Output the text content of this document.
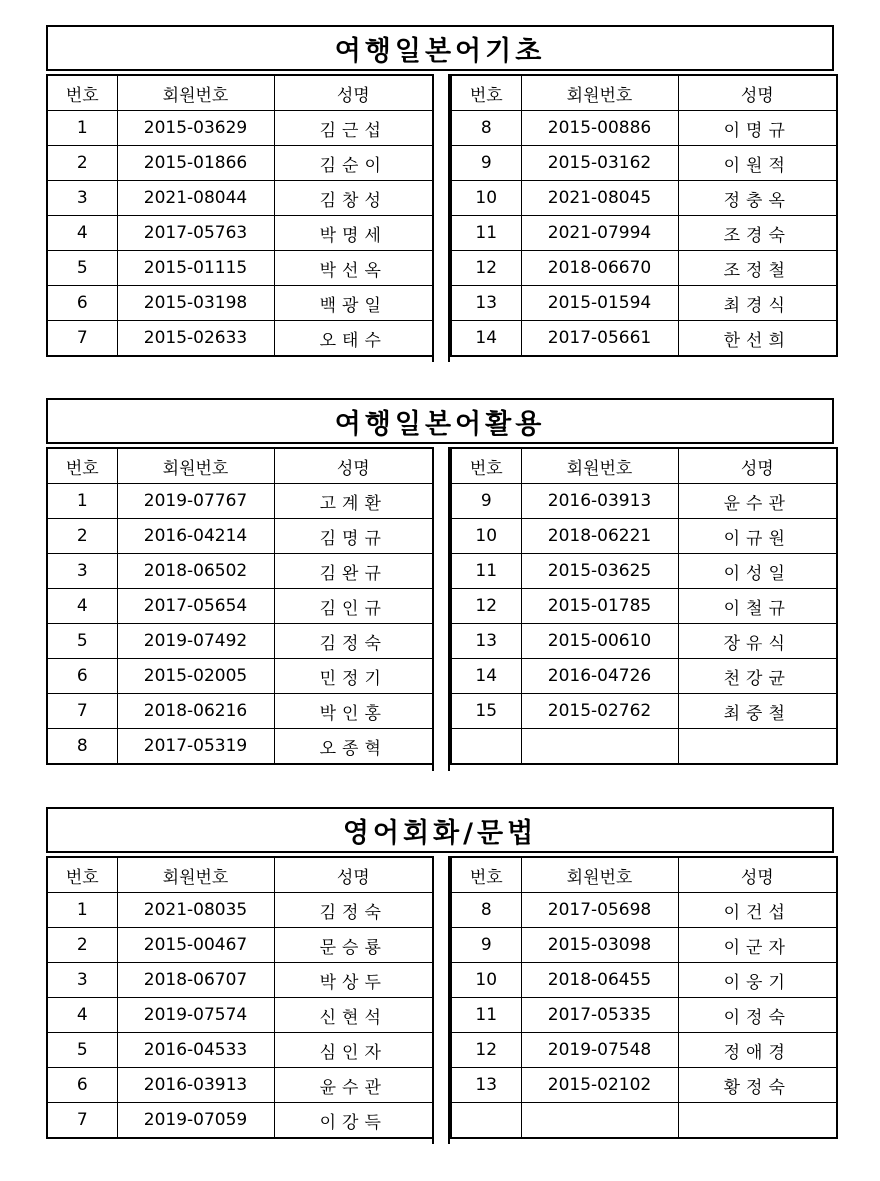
여행일본어기초
번호	회원번호	성명
1	2015-03629	김근섭
2	2015-01866	김순이
3	2021-08044	김창성
4	2017-05763	박명세
5	2015-01115	박선옥
6	2015-03198	백광일
7	2015-02633	오태수
번호	회원번호	성명
8	2015-00886	이명규
9	2015-03162	이원적
10	2021-08045	정충옥
11	2021-07994	조경숙
12	2018-06670	조정철
13	2015-01594	최경식
14	2017-05661	한선희
여행일본어활용
번호	회원번호	성명
1	2019-07767	고계환
2	2016-04214	김명규
3	2018-06502	김완규
4	2017-05654	김인규
5	2019-07492	김정숙
6	2015-02005	민정기
7	2018-06216	박인홍
8	2017-05319	오종혁
번호	회원번호	성명
9	2016-03913	윤수관
10	2018-06221	이규원
11	2015-03625	이성일
12	2015-01785	이철규
13	2015-00610	장유식
14	2016-04726	천강균
15	2015-02762	최중철

영어회화/문법
번호	회원번호	성명
1	2021-08035	김정숙
2	2015-00467	문승룡
3	2018-06707	박상두
4	2019-07574	신현석
5	2016-04533	심인자
6	2016-03913	윤수관
7	2019-07059	이강득
번호	회원번호	성명
8	2017-05698	이건섭
9	2015-03098	이군자
10	2018-06455	이웅기
11	2017-05335	이정숙
12	2019-07548	정애경
13	2015-02102	황정숙
